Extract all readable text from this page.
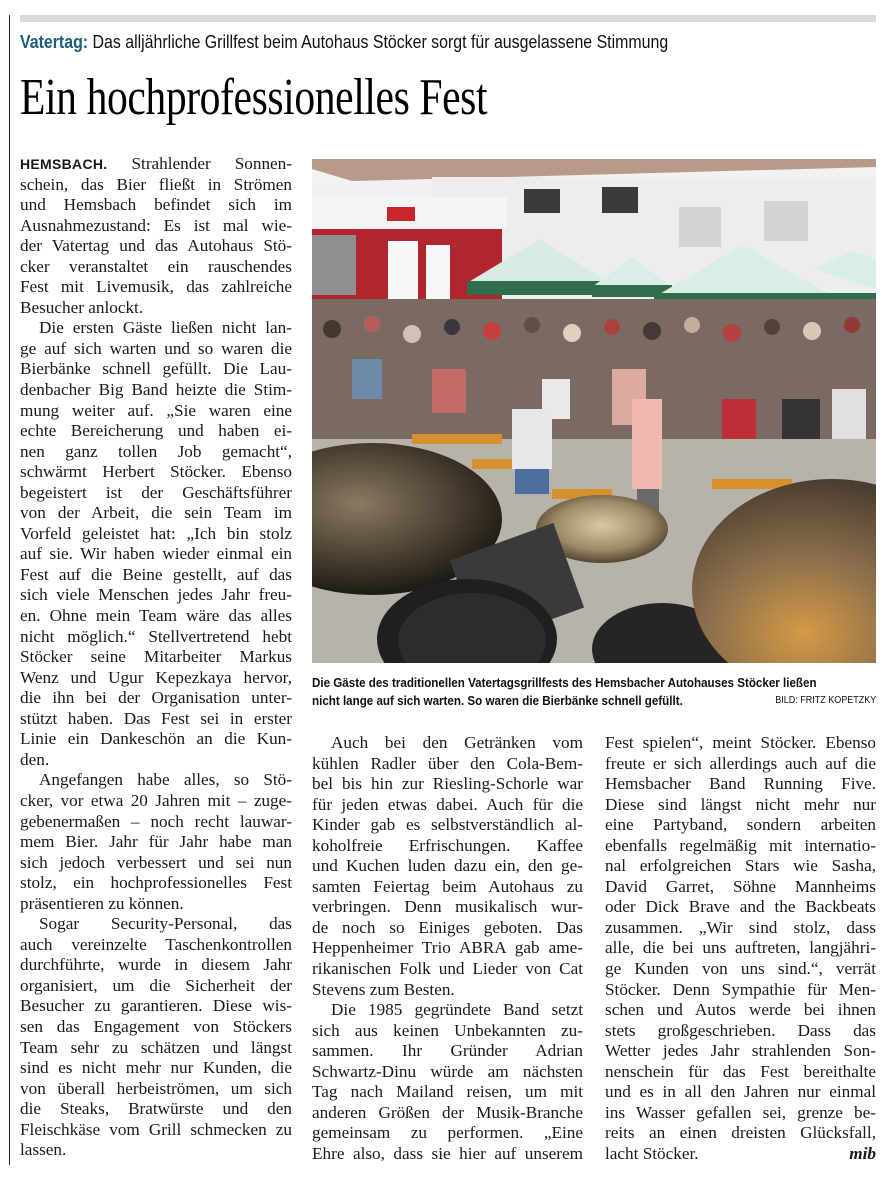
Vatertag: Das alljährliche Grillfest beim Autohaus Stöcker sorgt für ausgelassene Stimmung
Ein hochprofessionelles Fest
HEMSBACH. Strahlender Sonnen-
schein, das Bier fließt in Strömen
und Hemsbach befindet sich im
Ausnahmezustand: Es ist mal wie-
der Vatertag und das Autohaus Stö-
cker veranstaltet ein rauschendes
Fest mit Livemusik, das zahlreiche
Besucher anlockt.
Die ersten Gäste ließen nicht lan-
ge auf sich warten und so waren die
Bierbänke schnell gefüllt. Die Lau-
denbacher Big Band heizte die Stim-
mung weiter auf. „Sie waren eine
echte Bereicherung und haben ei-
nen ganz tollen Job gemacht“,
schwärmt Herbert Stöcker. Ebenso
begeistert ist der Geschäftsführer
von der Arbeit, die sein Team im
Vorfeld geleistet hat: „Ich bin stolz
auf sie. Wir haben wieder einmal ein
Fest auf die Beine gestellt, auf das
sich viele Menschen jedes Jahr freu-
en. Ohne mein Team wäre das alles
nicht möglich.“ Stellvertretend hebt
Stöcker seine Mitarbeiter Markus
Wenz und Ugur Kepezkaya hervor,
die ihn bei der Organisation unter-
stützt haben. Das Fest sei in erster
Linie ein Dankeschön an die Kun-
den.
Angefangen habe alles, so Stö-
cker, vor etwa 20 Jahren mit – zuge-
gebenermaßen – noch recht lauwar-
mem Bier. Jahr für Jahr habe man
sich jedoch verbessert und sei nun
stolz, ein hochprofessionelles Fest
präsentieren zu können.
Sogar Security-Personal, das
auch vereinzelte Taschenkontrollen
durchführte, wurde in diesem Jahr
organisiert, um die Sicherheit der
Besucher zu garantieren. Diese wis-
sen das Engagement von Stöckers
Team sehr zu schätzen und längst
sind es nicht mehr nur Kunden, die
von überall herbeiströmen, um sich
die Steaks, Bratwürste und den
Fleischkäse vom Grill schmecken zu
lassen.
Die Gäste des traditionellen Vatertagsgrillfests des Hemsbacher Autohauses Stöcker ließen
nicht lange auf sich warten. So waren die Bierbänke schnell gefüllt.	BILD: FRITZ KOPETZKY
Auch bei den Getränken vom
kühlen Radler über den Cola-Bem-
bel bis hin zur Riesling-Schorle war
für jeden etwas dabei. Auch für die
Kinder gab es selbstverständlich al-
koholfreie Erfrischungen. Kaffee
und Kuchen luden dazu ein, den ge-
samten Feiertag beim Autohaus zu
verbringen. Denn musikalisch wur-
de noch so Einiges geboten. Das
Heppenheimer Trio ABRA gab ame-
rikanischen Folk und Lieder von Cat
Stevens zum Besten.
Die 1985 gegründete Band setzt
sich aus keinen Unbekannten zu-
sammen. Ihr Gründer Adrian
Schwartz-Dinu würde am nächsten
Tag nach Mailand reisen, um mit
anderen Größen der Musik-Branche
gemeinsam zu performen. „Eine
Ehre also, dass sie hier auf unserem
Fest spielen“, meint Stöcker. Ebenso
freute er sich allerdings auch auf die
Hemsbacher Band Running Five.
Diese sind längst nicht mehr nur
eine Partyband, sondern arbeiten
ebenfalls regelmäßig mit internatio-
nal erfolgreichen Stars wie Sasha,
David Garret, Söhne Mannheims
oder Dick Brave and the Backbeats
zusammen. „Wir sind stolz, dass
alle, die bei uns auftreten, langjähri-
ge Kunden von uns sind.“, verrät
Stöcker. Denn Sympathie für Men-
schen und Autos werde bei ihnen
stets großgeschrieben. Dass das
Wetter jedes Jahr strahlenden Son-
nenschein für das Fest bereithalte
und es in all den Jahren nur einmal
ins Wasser gefallen sei, grenze be-
reits an einen dreisten Glücksfall,
lacht Stöcker.	mib
